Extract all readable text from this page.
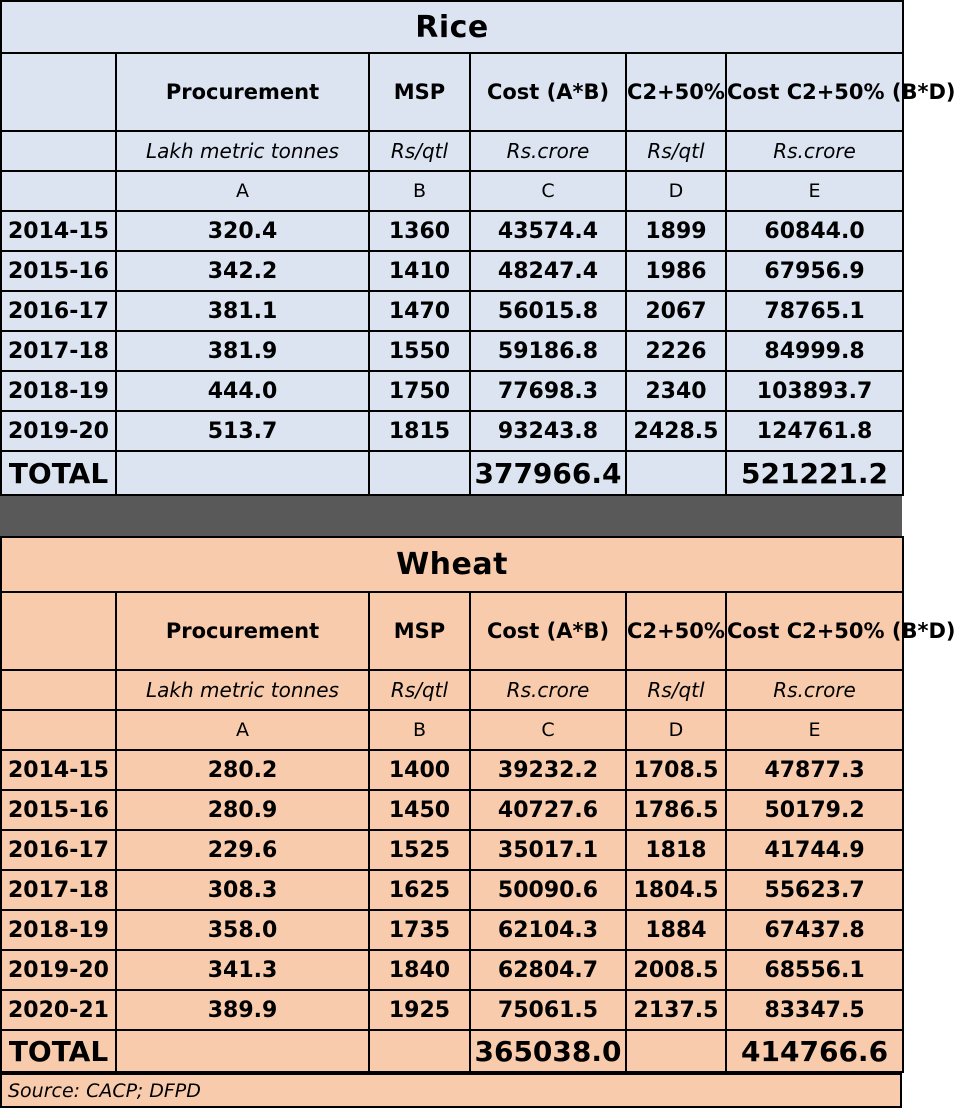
Rice					
	Procurement	MSP	Cost (A*B)	C2+50%	Cost C2+50% (B*D)
	Lakh metric tonnes	Rs/qtl	Rs.crore	Rs/qtl	Rs.crore
	A	B	C	D	E
2014-15	320.4	1360	43574.4	1899	60844.0
2015-16	342.2	1410	48247.4	1986	67956.9
2016-17	381.1	1470	56015.8	2067	78765.1
2017-18	381.9	1550	59186.8	2226	84999.8
2018-19	444.0	1750	77698.3	2340	103893.7
2019-20	513.7	1815	93243.8	2428.5	124761.8
TOTAL			377966.4		521221.2
Wheat					
	Procurement	MSP	Cost (A*B)	C2+50%	Cost C2+50% (B*D)
	Lakh metric tonnes	Rs/qtl	Rs.crore	Rs/qtl	Rs.crore
	A	B	C	D	E
2014-15	280.2	1400	39232.2	1708.5	47877.3
2015-16	280.9	1450	40727.6	1786.5	50179.2
2016-17	229.6	1525	35017.1	1818	41744.9
2017-18	308.3	1625	50090.6	1804.5	55623.7
2018-19	358.0	1735	62104.3	1884	67437.8
2019-20	341.3	1840	62804.7	2008.5	68556.1
2020-21	389.9	1925	75061.5	2137.5	83347.5
TOTAL			365038.0		414766.6
Source: CACP; DFPD
